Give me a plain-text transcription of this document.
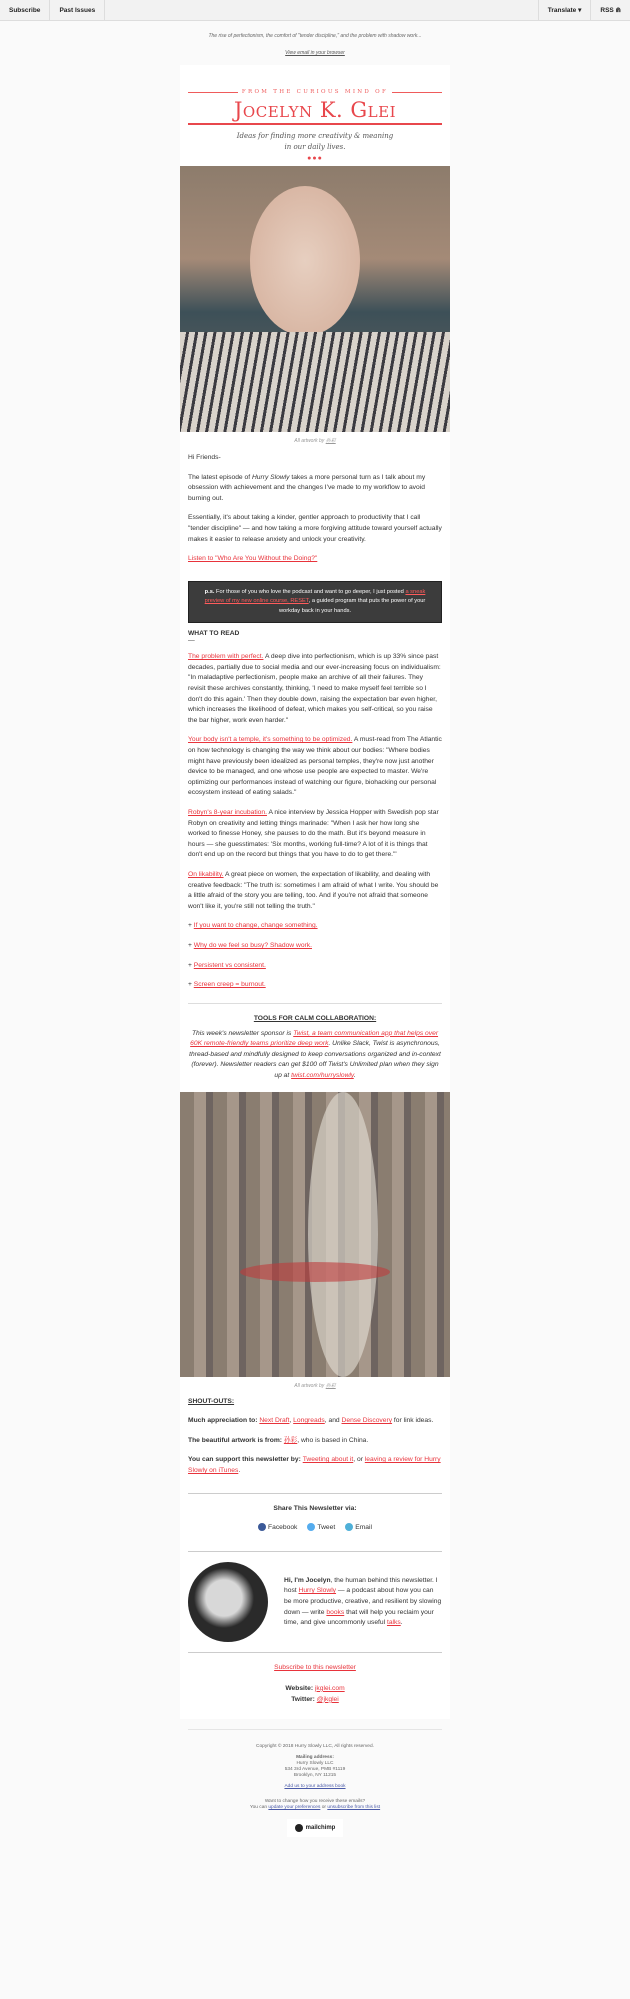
Subscribe	Past Issues	Translate ▾	RSS ⋒
The rise of perfectionism, the comfort of "tender discipline," and the problem with shadow work...
View email in your browser
FROM THE CURIOUS MIND OF
Jocelyn K. Glei
Ideas for finding more creativity & meaning
in our daily lives.
●●●
All artwork by 孙彩

Hi Friends-

The latest episode of Hurry Slowly takes a more personal turn as I talk about my obsession with achievement and the changes I've made to my workflow to avoid burning out.

Essentially, it's about taking a kinder, gentler approach to productivity that I call "tender discipline" — and how taking a more forgiving attitude toward yourself actually makes it easier to release anxiety and unlock your creativity.

Listen to "Who Are You Without the Doing?"

p.s. For those of you who love the podcast and want to go deeper, I just posted a sneak preview of my new online course, RESET, a guided program that puts the power of your workday back in your hands.
WHAT TO READ
—

The problem with perfect. A deep dive into perfectionism, which is up 33% since past decades, partially due to social media and our ever-increasing focus on individualism: "In maladaptive perfectionism, people make an archive of all their failures. They revisit these archives constantly, thinking, 'I need to make myself feel terrible so I don't do this again.' Then they double down, raising the expectation bar even higher, which increases the likelihood of defeat, which makes you self-critical, so you raise the bar higher, work even harder."

Your body isn't a temple, it's something to be optimized. A must-read from The Atlantic on how technology is changing the way we think about our bodies: "Where bodies might have previously been idealized as personal temples, they're now just another device to be managed, and one whose use people are expected to master. We're optimizing our performances instead of watching our figure, biohacking our personal ecosystem instead of eating salads."

Robyn's 8-year incubation. A nice interview by Jessica Hopper with Swedish pop star Robyn on creativity and letting things marinade: "When I ask her how long she worked to finesse Honey, she pauses to do the math. But it's beyond measure in hours — she guesstimates: 'Six months, working full-time? A lot of it is things that don't end up on the record but things that you have to do to get there.'"

On likability. A great piece on women, the expectation of likability, and dealing with creative feedback: "The truth is: sometimes I am afraid of what I write. You should be a little afraid of the story you are telling, too. And if you're not afraid that someone won't like it, you're still not telling the truth."

+ If you want to change, change something.

+ Why do we feel so busy? Shadow work.

+ Persistent vs consistent.

+ Screen creep = burnout.

TOOLS FOR CALM COLLABORATION:

This week's newsletter sponsor is Twist, a team communication app that helps over 60K remote-friendly teams prioritize deep work. Unlike Slack, Twist is asynchronous, thread-based and mindfully designed to keep conversations organized and in-context (forever). Newsletter readers can get $100 off Twist's Unlimited plan when they sign up at twist.com/hurryslowly.

All artwork by 孙彩

SHOUT-OUTS:

Much appreciation to: Next Draft, Longreads, and Dense Discovery for link ideas.

The beautiful artwork is from: 孙彩, who is based in China.

You can support this newsletter by: Tweeting about it, or leaving a review for Hurry Slowly on iTunes.

Share This Newsletter via:

Facebook	Tweet	Email

Hi, I'm Jocelyn, the human behind this newsletter. I host Hurry Slowly — a podcast about how you can be more productive, creative, and resilient by slowing down — write books that will help you reclaim your time, and give uncommonly useful talks.

Subscribe to this newsletter

Website: jkglei.com
Twitter: @jkglei

Copyright © 2018 Hurry Slowly LLC, All rights reserved.
Mailing address:
Hurry Slowly LLC
534 3rd Avenue, PMB #1119
Brooklyn, NY 11215
Add us to your address book
Want to change how you receive these emails?
You can update your preferences or unsubscribe from this list
mailchimp
